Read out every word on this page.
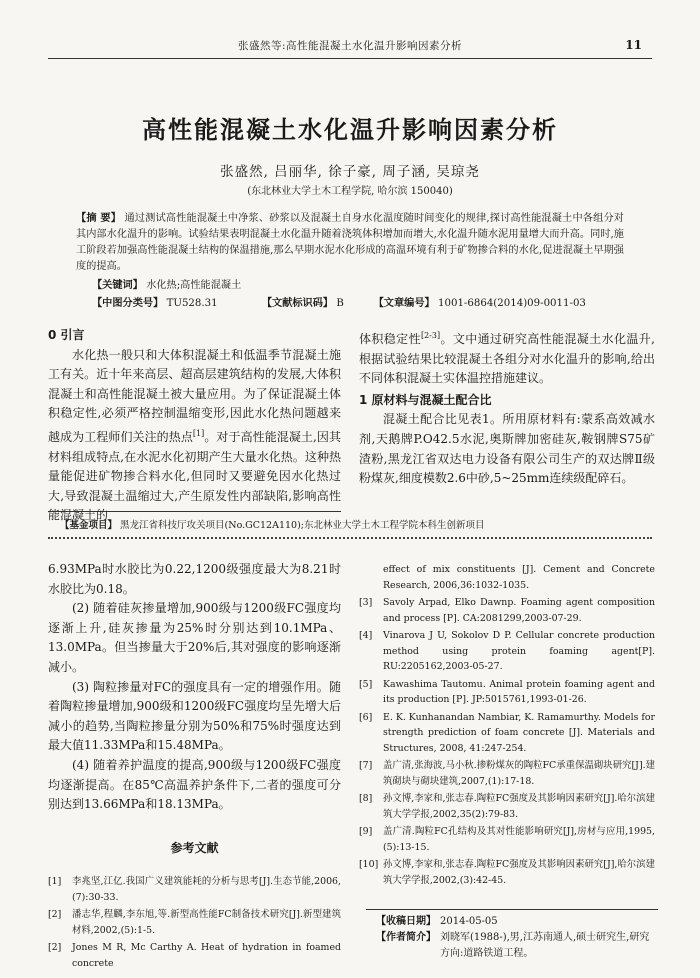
张盛然等:高性能混凝土水化温升影响因素分析	11
高性能混凝土水化温升影响因素分析
张盛然, 吕丽华, 徐子豪, 周子涵, 吴琼尧
(东北林业大学土木工程学院, 哈尔滨 150040)
【摘 要】 通过测试高性能混凝土中净浆、砂浆以及混凝土自身水化温度随时间变化的规律,探讨高性能混凝土中各组分对其内部水化温升的影响。试验结果表明混凝土水化温升随着浇筑体积增加而增大,水化温升随水泥用量增大而升高。同时,施工阶段若加强高性能混凝土结构的保温措施,那么早期水泥水化形成的高温环境有利于矿物掺合料的水化,促进混凝土早期强度的提高。
【关键词】 水化热;高性能混凝土
【中图分类号】 TU528.31	【文献标识码】 B	【文章编号】 1001-6864(2014)09-0011-03

0 引言

水化热一般只和大体积混凝土和低温季节混凝土施工有关。近十年来高层、超高层建筑结构的发展,大体积混凝土和高性能混凝土被大量应用。为了保证混凝土体积稳定性,必须严格控制温缩变形,因此水化热问题越来越成为工程师们关注的热点[1]。对于高性能混凝土,因其材料组成特点,在水泥水化初期产生大量水化热。这种热量能促进矿物掺合料水化,但同时又要避免因水化热过大,导致混凝土温缩过大,产生原发性内部缺陷,影响高性能混凝土的

体积稳定性[2-3]。文中通过研究高性能混凝土水化温升,根据试验结果比较混凝土各组分对水化温升的影响,给出不同体积混凝土实体温控措施建议。

1 原材料与混凝土配合比

混凝土配合比见表1。所用原材料有:蒙系高效减水剂,天鹅牌P.O42.5水泥,奥斯牌加密硅灰,鞍钢牌S75矿渣粉,黑龙江省双达电力设备有限公司生产的双达牌Ⅱ级粉煤灰,细度模数2.6中砂,5~25mm连续级配碎石。

【基金项目】 黑龙江省科技厅攻关项目(No.GC12A110);东北林业大学土木工程学院本科生创新项目

6.93MPa时水胶比为0.22,1200级强度最大为8.21时水胶比为0.18。

(2) 随着硅灰掺量增加,900级与1200级FC强度均逐渐上升,硅灰掺量为25%时分别达到10.1MPa、13.0MPa。但当掺量大于20%后,其对强度的影响逐渐减小。

(3) 陶粒掺量对FC的强度具有一定的增强作用。随着陶粒掺量增加,900级和1200级FC强度均呈先增大后减小的趋势,当陶粒掺量分别为50%和75%时强度达到最大值11.33MPa和15.48MPa。

(4) 随着养护温度的提高,900级与1200级FC强度均逐渐提高。在85℃高温养护条件下,二者的强度可分别达到13.66MPa和18.13MPa。

参考文献

[1]	李兆坚,江亿.我国广义建筑能耗的分析与思考[J].生态节能,2006,(7):30-33.
[2]	潘志华,程麟,李东旭,等.新型高性能FC制备技术研究[J].新型建筑材料,2002,(5):1-5.
[2]	Jones M R, Mc Carthy A. Heat of hydration in foamed concrete
effect of mix constituents [J]. Cement and Concrete Research, 2006,36:1032-1035.
[3]	Savoly Arpad, Elko Dawnp. Foaming agent composition and process [P]. CA:2081299,2003-07-29.
[4]	Vinarova J U, Sokolov D P. Cellular concrete production method using protein foaming agent[P]. RU:2205162,2003-05-27.
[5]	Kawashima Tautomu. Animal protein foaming agent and its production [P]. JP:5015761,1993-01-26.
[6]	E. K. Kunhanandan Nambiar, K. Ramamurthy. Models for strength prediction of foam concrete [J]. Materials and Structures, 2008, 41:247-254.
[7]	盖广清,张海波,马小秋.掺粉煤灰的陶粒FC承重保温砌块研究[J].建筑砌块与砌块建筑,2007,(1):17-18.
[8]	孙文博,李家和,张志春.陶粒FC强度及其影响因素研究[J].哈尔滨建筑大学学报,2002,35(2):79-83.
[9]	盖广清.陶粒FC孔结构及其对性能影响研究[J],房材与应用,1995,(5):13-15.
[10] 孙文博,李家和,张志春.陶粒FC强度及其影响因素研究[J],哈尔滨建筑大学学报,2002,(3):42-45.
【收稿日期】 2014-05-05
【作者简介】 刘晓军(1988-),男,江苏南通人,硕士研究生,研究方向:道路铁道工程。
